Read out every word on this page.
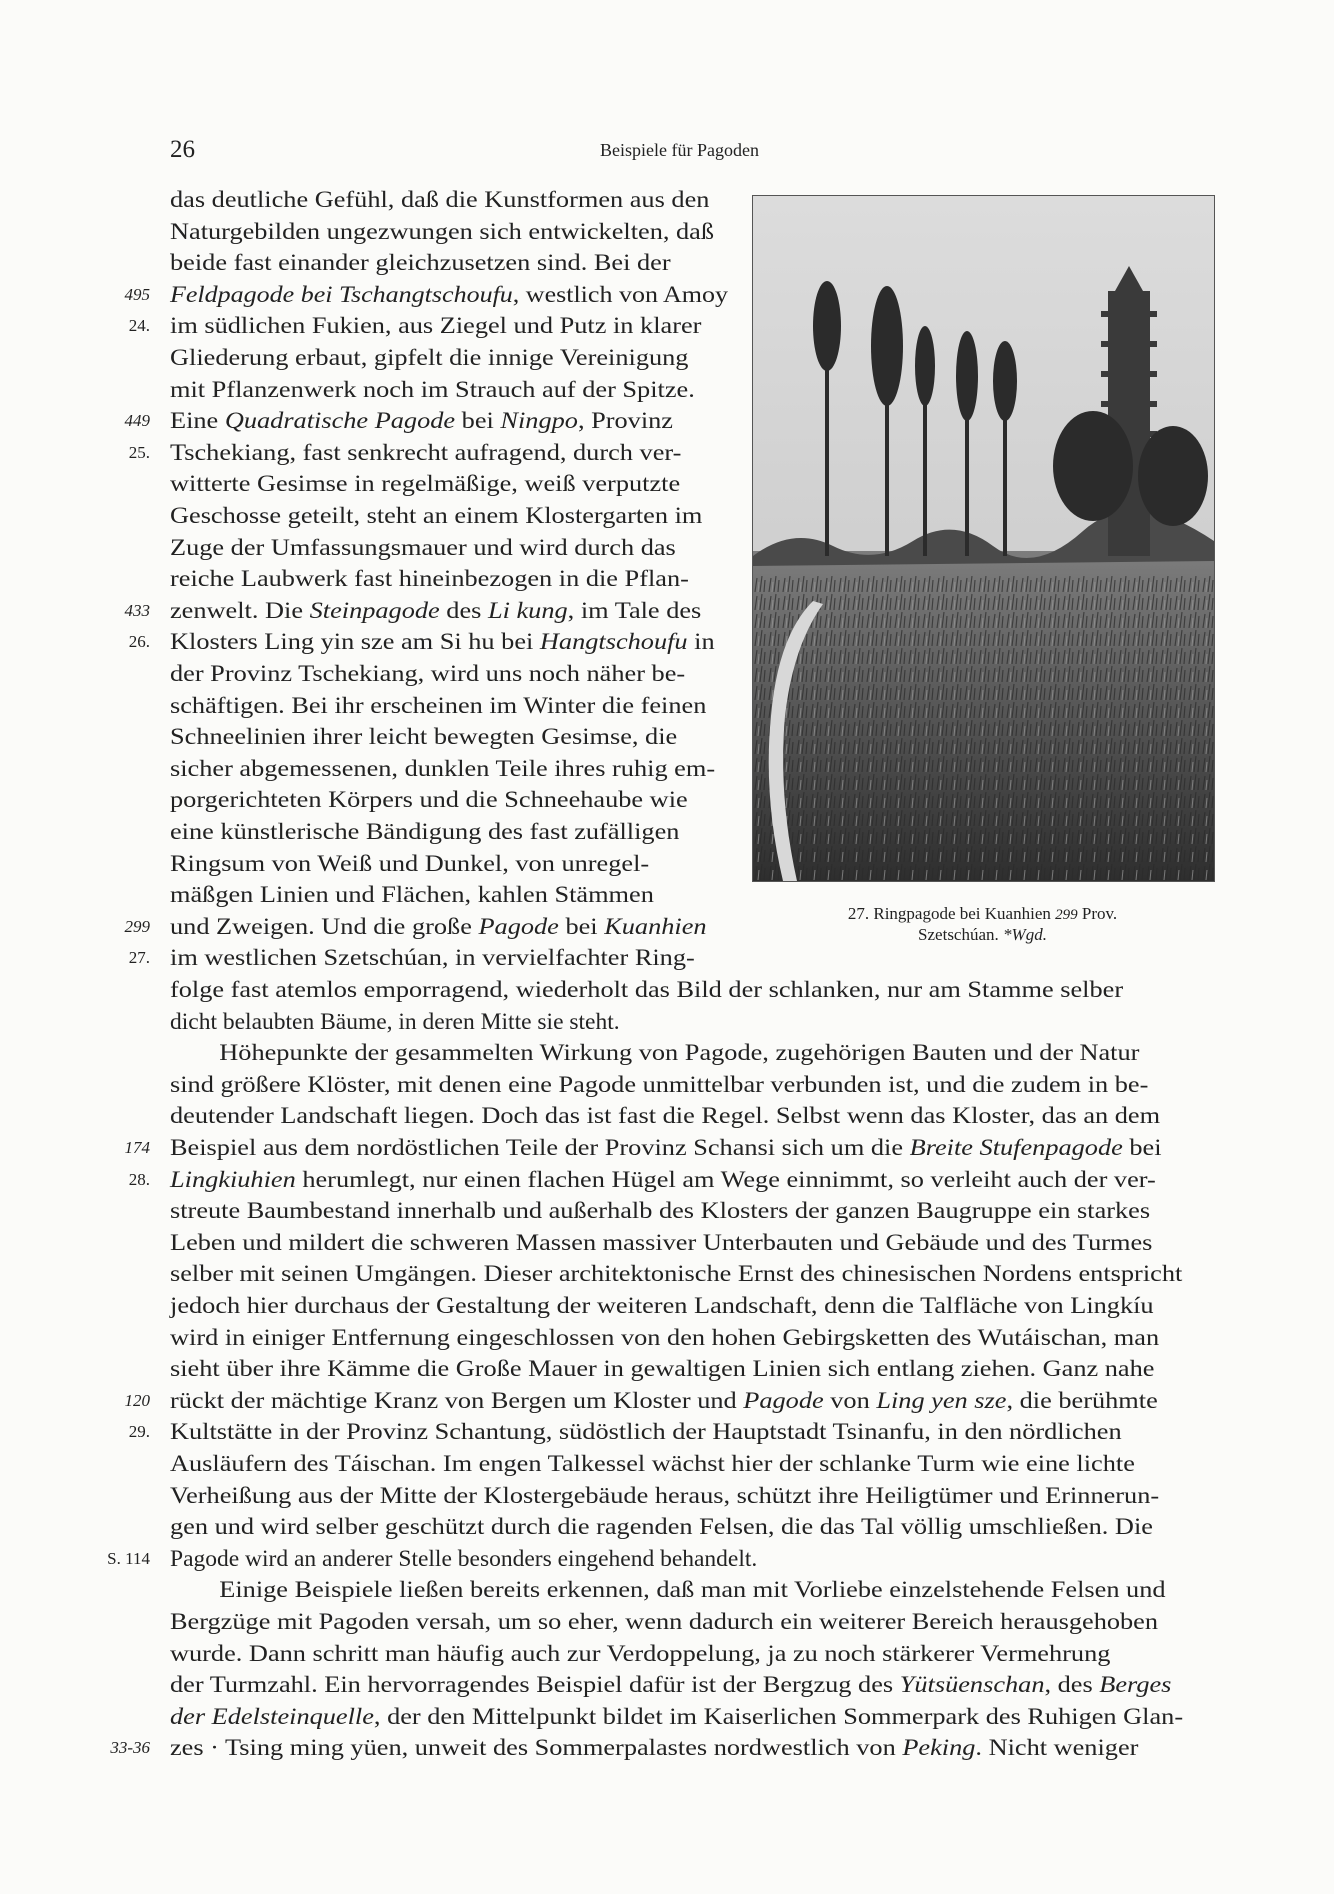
26	Beispiele für Pagoden
das deutliche Gefühl, daß die Kunstformen aus den
Naturgebilden ungezwungen sich entwickelten, daß
beide fast einander gleichzusetzen sind. Bei der
495 Feldpagode bei Tschangtschoufu, westlich von Amoy
24. im südlichen Fukien, aus Ziegel und Putz in klarer
Gliederung erbaut, gipfelt die innige Vereinigung
mit Pflanzenwerk noch im Strauch auf der Spitze.
449 Eine Quadratische Pagode bei Ningpo, Provinz
25. Tschekiang, fast senkrecht aufragend, durch ver-
witterte Gesimse in regelmäßige, weiß verputzte
Geschosse geteilt, steht an einem Klostergarten im
Zuge der Umfassungsmauer und wird durch das
reiche Laubwerk fast hineinbezogen in die Pflan-
433 zenwelt. Die Steinpagode des Li kung, im Tale des
26. Klosters Ling yin sze am Si hu bei Hangtschoufu in
der Provinz Tschekiang, wird uns noch näher be-
schäftigen. Bei ihr erscheinen im Winter die feinen
Schneelinien ihrer leicht bewegten Gesimse, die
sicher abgemessenen, dunklen Teile ihres ruhig em-
porgerichteten Körpers und die Schneehaube wie
eine künstlerische Bändigung des fast zufälligen
Ringsum von Weiß und Dunkel, von unregel-
mäßgen Linien und Flächen, kahlen Stämmen
299 und Zweigen. Und die große Pagode bei Kuanhien
27. im westlichen Szetschúan, in vervielfachter Ring-
folge fast atemlos emporragend, wiederholt das Bild der schlanken, nur am Stamme selber
dicht belaubten Bäume, in deren Mitte sie steht.
Höhepunkte der gesammelten Wirkung von Pagode, zugehörigen Bauten und der Natur
sind größere Klöster, mit denen eine Pagode unmittelbar verbunden ist, und die zudem in be-
deutender Landschaft liegen. Doch das ist fast die Regel. Selbst wenn das Kloster, das an dem
174 Beispiel aus dem nordöstlichen Teile der Provinz Schansi sich um die Breite Stufenpagode bei
28. Lingkiuhien herumlegt, nur einen flachen Hügel am Wege einnimmt, so verleiht auch der ver-
streute Baumbestand innerhalb und außerhalb des Klosters der ganzen Baugruppe ein starkes
Leben und mildert die schweren Massen massiver Unterbauten und Gebäude und des Turmes
selber mit seinen Umgängen. Dieser architektonische Ernst des chinesischen Nordens entspricht
jedoch hier durchaus der Gestaltung der weiteren Landschaft, denn die Talfläche von Lingkíu
wird in einiger Entfernung eingeschlossen von den hohen Gebirgsketten des Wutáischan, man
sieht über ihre Kämme die Große Mauer in gewaltigen Linien sich entlang ziehen. Ganz nahe
120 rückt der mächtige Kranz von Bergen um Kloster und Pagode von Ling yen sze, die berühmte
29. Kultstätte in der Provinz Schantung, südöstlich der Hauptstadt Tsinanfu, in den nördlichen
Ausläufern des Táischan. Im engen Talkessel wächst hier der schlanke Turm wie eine lichte
Verheißung aus der Mitte der Klostergebäude heraus, schützt ihre Heiligtümer und Erinnerun-
gen und wird selber geschützt durch die ragenden Felsen, die das Tal völlig umschließen. Die
S. 114 Pagode wird an anderer Stelle besonders eingehend behandelt.
Einige Beispiele ließen bereits erkennen, daß man mit Vorliebe einzelstehende Felsen und
Bergzüge mit Pagoden versah, um so eher, wenn dadurch ein weiterer Bereich herausgehoben
wurde. Dann schritt man häufig auch zur Verdoppelung, ja zu noch stärkerer Vermehrung
der Turmzahl. Ein hervorragendes Beispiel dafür ist der Bergzug des Yütsüenschan, des Berges
der Edelsteinquelle, der den Mittelpunkt bildet im Kaiserlichen Sommerpark des Ruhigen Glan-
33-36 zes · Tsing ming yüen, unweit des Sommerpalastes nordwestlich von Peking. Nicht weniger
27. Ringpagode bei Kuanhien 299 Prov.
Szetschúan. *Wgd.
